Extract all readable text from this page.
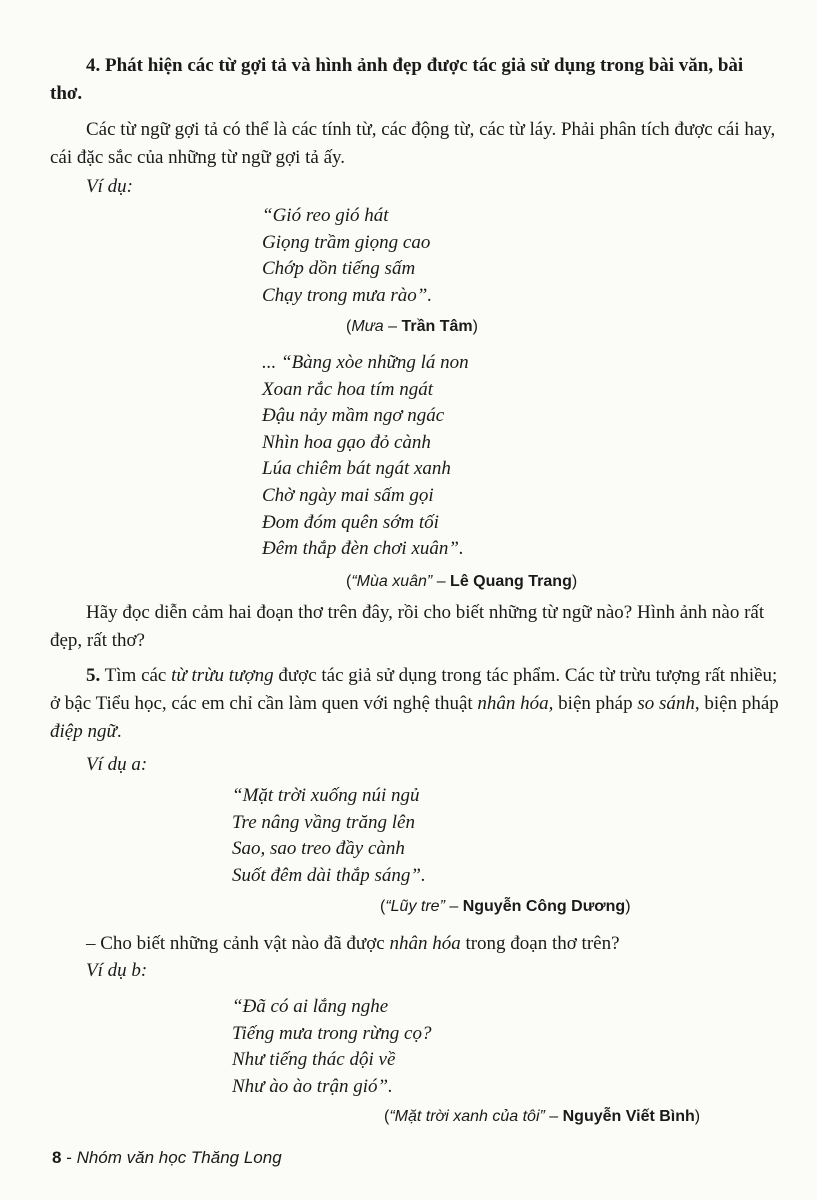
4. Phát hiện các từ gợi tả và hình ảnh đẹp được tác giả sử dụng trong bài văn, bài thơ.

Các từ ngữ gợi tả có thể là các tính từ, các động từ, các từ láy. Phải phân tích được cái hay, cái đặc sắc của những từ ngữ gợi tả ấy.

Ví dụ:
“Gió reo gió hát
Giọng trầm giọng cao
Chớp dồn tiếng sấm
Chạy trong mưa rào”.
(Mưa – Trần Tâm)
... “Bàng xòe những lá non
Xoan rắc hoa tím ngát
Đậu nảy mầm ngơ ngác
Nhìn hoa gạo đỏ cành
Lúa chiêm bát ngát xanh
Chờ ngày mai sấm gọi
Đom đóm quên sớm tối
Đêm thắp đèn chơi xuân”.
(“Mùa xuân” – Lê Quang Trang)

Hãy đọc diễn cảm hai đoạn thơ trên đây, rồi cho biết những từ ngữ nào? Hình ảnh nào rất đẹp, rất thơ?

5. Tìm các từ trừu tượng được tác giả sử dụng trong tác phẩm. Các từ trừu tượng rất nhiều; ở bậc Tiểu học, các em chỉ cần làm quen với nghệ thuật nhân hóa, biện pháp so sánh, biện pháp điệp ngữ.

Ví dụ a:
“Mặt trời xuống núi ngủ
Tre nâng vầng trăng lên
Sao, sao treo đầy cành
Suốt đêm dài thắp sáng”.
(“Lũy tre” – Nguyễn Công Dương)

– Cho biết những cảnh vật nào đã được nhân hóa trong đoạn thơ trên?

Ví dụ b:
“Đã có ai lắng nghe
Tiếng mưa trong rừng cọ?
Như tiếng thác dội về
Như ào ào trận gió”.
(“Mặt trời xanh của tôi” – Nguyễn Viết Bình)
8 - Nhóm văn học Thăng Long
